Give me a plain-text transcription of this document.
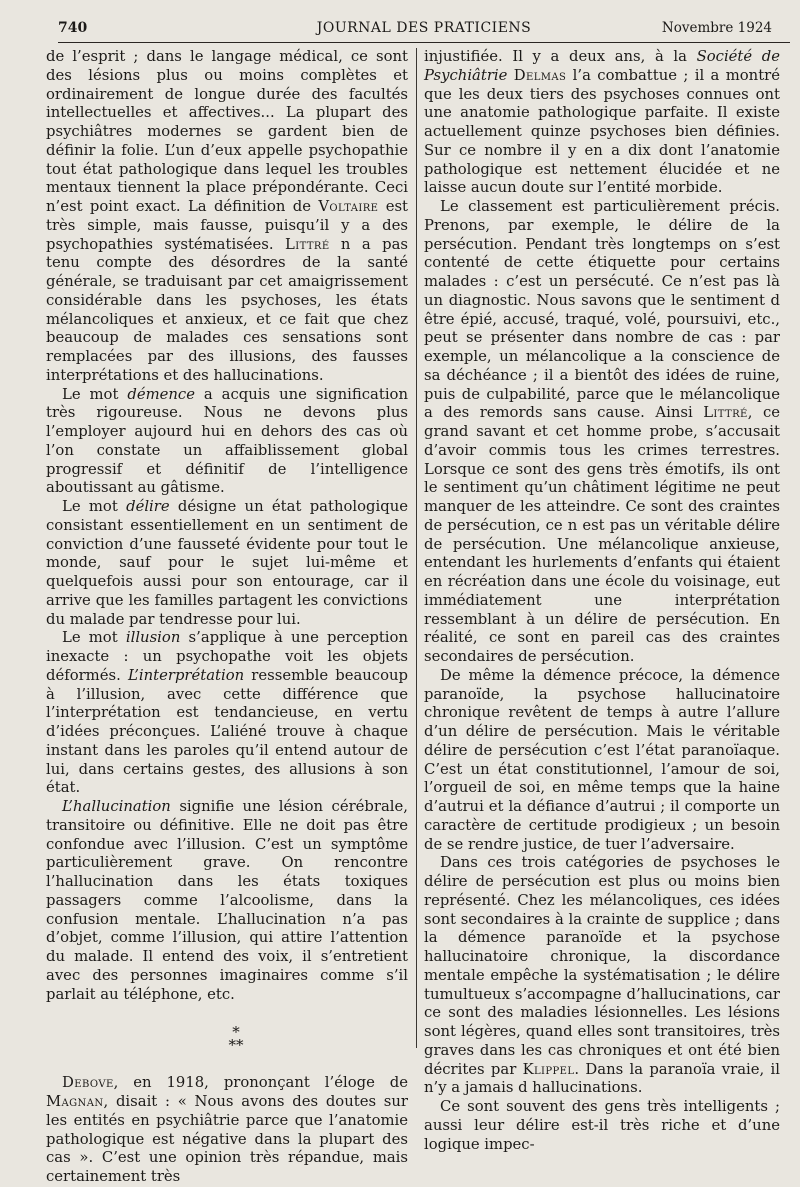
740	JOURNAL DES PRATICIENS	Novembre 1924

de l’esprit ; dans le langage médical, ce sont des lésions plus ou moins complètes et ordinairement de longue durée des facultés intellectuelles et affectives... La plupart des psychiâtres modernes se gardent bien de définir la folie. L’un d’eux appelle psychopathie tout état pathologique dans lequel les troubles mentaux tiennent la place prépondérante. Ceci n’est point exact. La définition de Voltaire est très simple, mais fausse, puisqu’il y a des psychopathies systématisées. Littré n a pas tenu compte des désordres de la santé générale, se traduisant par cet amaigrissement considérable dans les psychoses, les états mélancoliques et anxieux, et ce fait que chez beaucoup de malades ces sensations sont remplacées par des illusions, des fausses interprétations et des hallucinations.

Le mot démence a acquis une signification très rigoureuse. Nous ne devons plus l’employer aujourd hui en dehors des cas où l’on constate un affaiblissement global progressif et définitif de l’intelligence aboutissant au gâtisme.

Le mot délire désigne un état pathologique consistant essentiellement en un sentiment de conviction d’une fausseté évidente pour tout le monde, sauf pour le sujet lui-même et quelquefois aussi pour son entourage, car il arrive que les familles partagent les convictions du malade par tendresse pour lui.

Le mot illusion s’applique à une perception inexacte : un psychopathe voit les objets déformés. L’interprétation ressemble beaucoup à l’illusion, avec cette différence que l’interprétation est tendancieuse, en vertu d’idées préconçues. L’aliéné trouve à chaque instant dans les paroles qu’il entend autour de lui, dans certains gestes, des allusions à son état.

L’hallucination signifie une lésion cérébrale, transitoire ou définitive. Elle ne doit pas être confondue avec l’illusion. C’est un symptôme particulièrement grave. On rencontre l’hallucination dans les états toxiques passagers comme l’alcoolisme, dans la confusion mentale. L’hallucination n’a pas d’objet, comme l’illusion, qui attire l’attention du malade. Il entend des voix, il s’entretient avec des personnes imaginaires comme s’il parlait au téléphone, etc.

*
**

Debove, en 1918, prononçant l’éloge de Magnan, disait : « Nous avons des doutes sur les entités en psychiâtrie parce que l’anatomie pathologique est négative dans la plupart des cas ». C’est une opinion très répandue, mais certainement très

injustifiée. Il y a deux ans, à la Société de Psychiâtrie Delmas l’a combattue ; il a montré que les deux tiers des psychoses connues ont une anatomie pathologique parfaite. Il existe actuellement quinze psychoses bien définies. Sur ce nombre il y en a dix dont l’anatomie pathologique est nettement élucidée et ne laisse aucun doute sur l’entité morbide.

Le classement est particulièrement précis. Prenons, par exemple, le délire de la persécution. Pendant très longtemps on s’est contenté de cette étiquette pour certains malades : c’est un persécuté. Ce n’est pas là un diagnostic. Nous savons que le sentiment d être épié, accusé, traqué, volé, poursuivi, etc., peut se présenter dans nombre de cas : par exemple, un mélancolique a la conscience de sa déchéance ; il a bientôt des idées de ruine, puis de culpabilité, parce que le mélancolique a des remords sans cause. Ainsi Littré, ce grand savant et cet homme probe, s’accusait d’avoir commis tous les crimes terrestres. Lorsque ce sont des gens très émotifs, ils ont le sentiment qu’un châtiment légitime ne peut manquer de les atteindre. Ce sont des craintes de persécution, ce n est pas un véritable délire de persécution. Une mélancolique anxieuse, entendant les hurlements d’enfants qui étaient en récréation dans une école du voisinage, eut immédiatement une interprétation ressemblant à un délire de persécution. En réalité, ce sont en pareil cas des craintes secondaires de persécution.

De même la démence précoce, la démence paranoïde, la psychose hallucinatoire chronique revêtent de temps à autre l’allure d’un délire de persécution. Mais le véritable délire de persécution c’est l’état paranoïaque. C’est un état constitutionnel, l’amour de soi, l’orgueil de soi, en même temps que la haine d’autrui et la défiance d’autrui ; il comporte un caractère de certitude prodigieux ; un besoin de se rendre justice, de tuer l’adversaire.

Dans ces trois catégories de psychoses le délire de persécution est plus ou moins bien représenté. Chez les mélancoliques, ces idées sont secondaires à la crainte de supplice ; dans la démence paranoïde et la psychose hallucinatoire chronique, la discordance mentale empêche la systématisation ; le délire tumultueux s’accompagne d’hallucinations, car ce sont des maladies lésionnelles. Les lésions sont légères, quand elles sont transitoires, très graves dans les cas chroniques et ont été bien décrites par Klippel. Dans la paranoïa vraie, il n’y a jamais d hallucinations.

Ce sont souvent des gens très intelligents ; aussi leur délire est-il très riche et d’une logique impec-
